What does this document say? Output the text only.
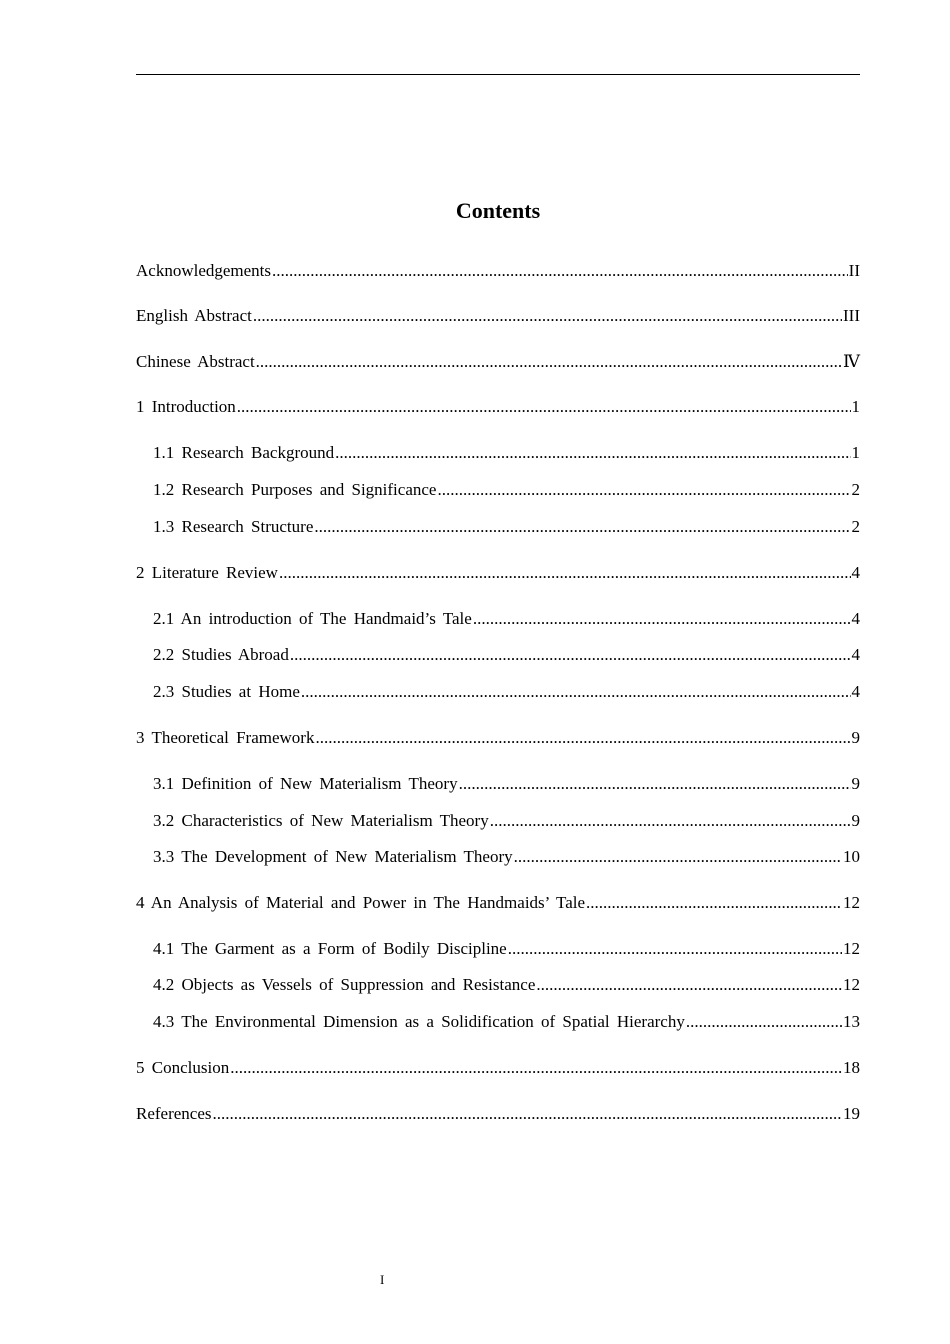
Contents
Acknowledgements .....	II
English Abstract .....	III
Chinese Abstract .....	Ⅳ
1 Introduction .....	1
1.1 Research Background .....	1
1.2 Research Purposes and Significance .....	2
1.3 Research Structure .....	2
2 Literature Review .....	4
2.1 An introduction of The Handmaid’s Tale .....	4
2.2 Studies Abroad .....	4
2.3 Studies at Home .....	4
3 Theoretical Framework .....	9
3.1 Definition of New Materialism Theory .....	9
3.2 Characteristics of New Materialism Theory .....	9
3.3 The Development of New Materialism Theory .....	10
4 An Analysis of Material and Power in The Handmaids’ Tale .....	12
4.1 The Garment as a Form of Bodily Discipline .....	12
4.2 Objects as Vessels of Suppression and Resistance .....	12
4.3 The Environmental Dimension as a Solidification of Spatial Hierarchy .....	13
5 Conclusion .....	18
References .....	19
I
